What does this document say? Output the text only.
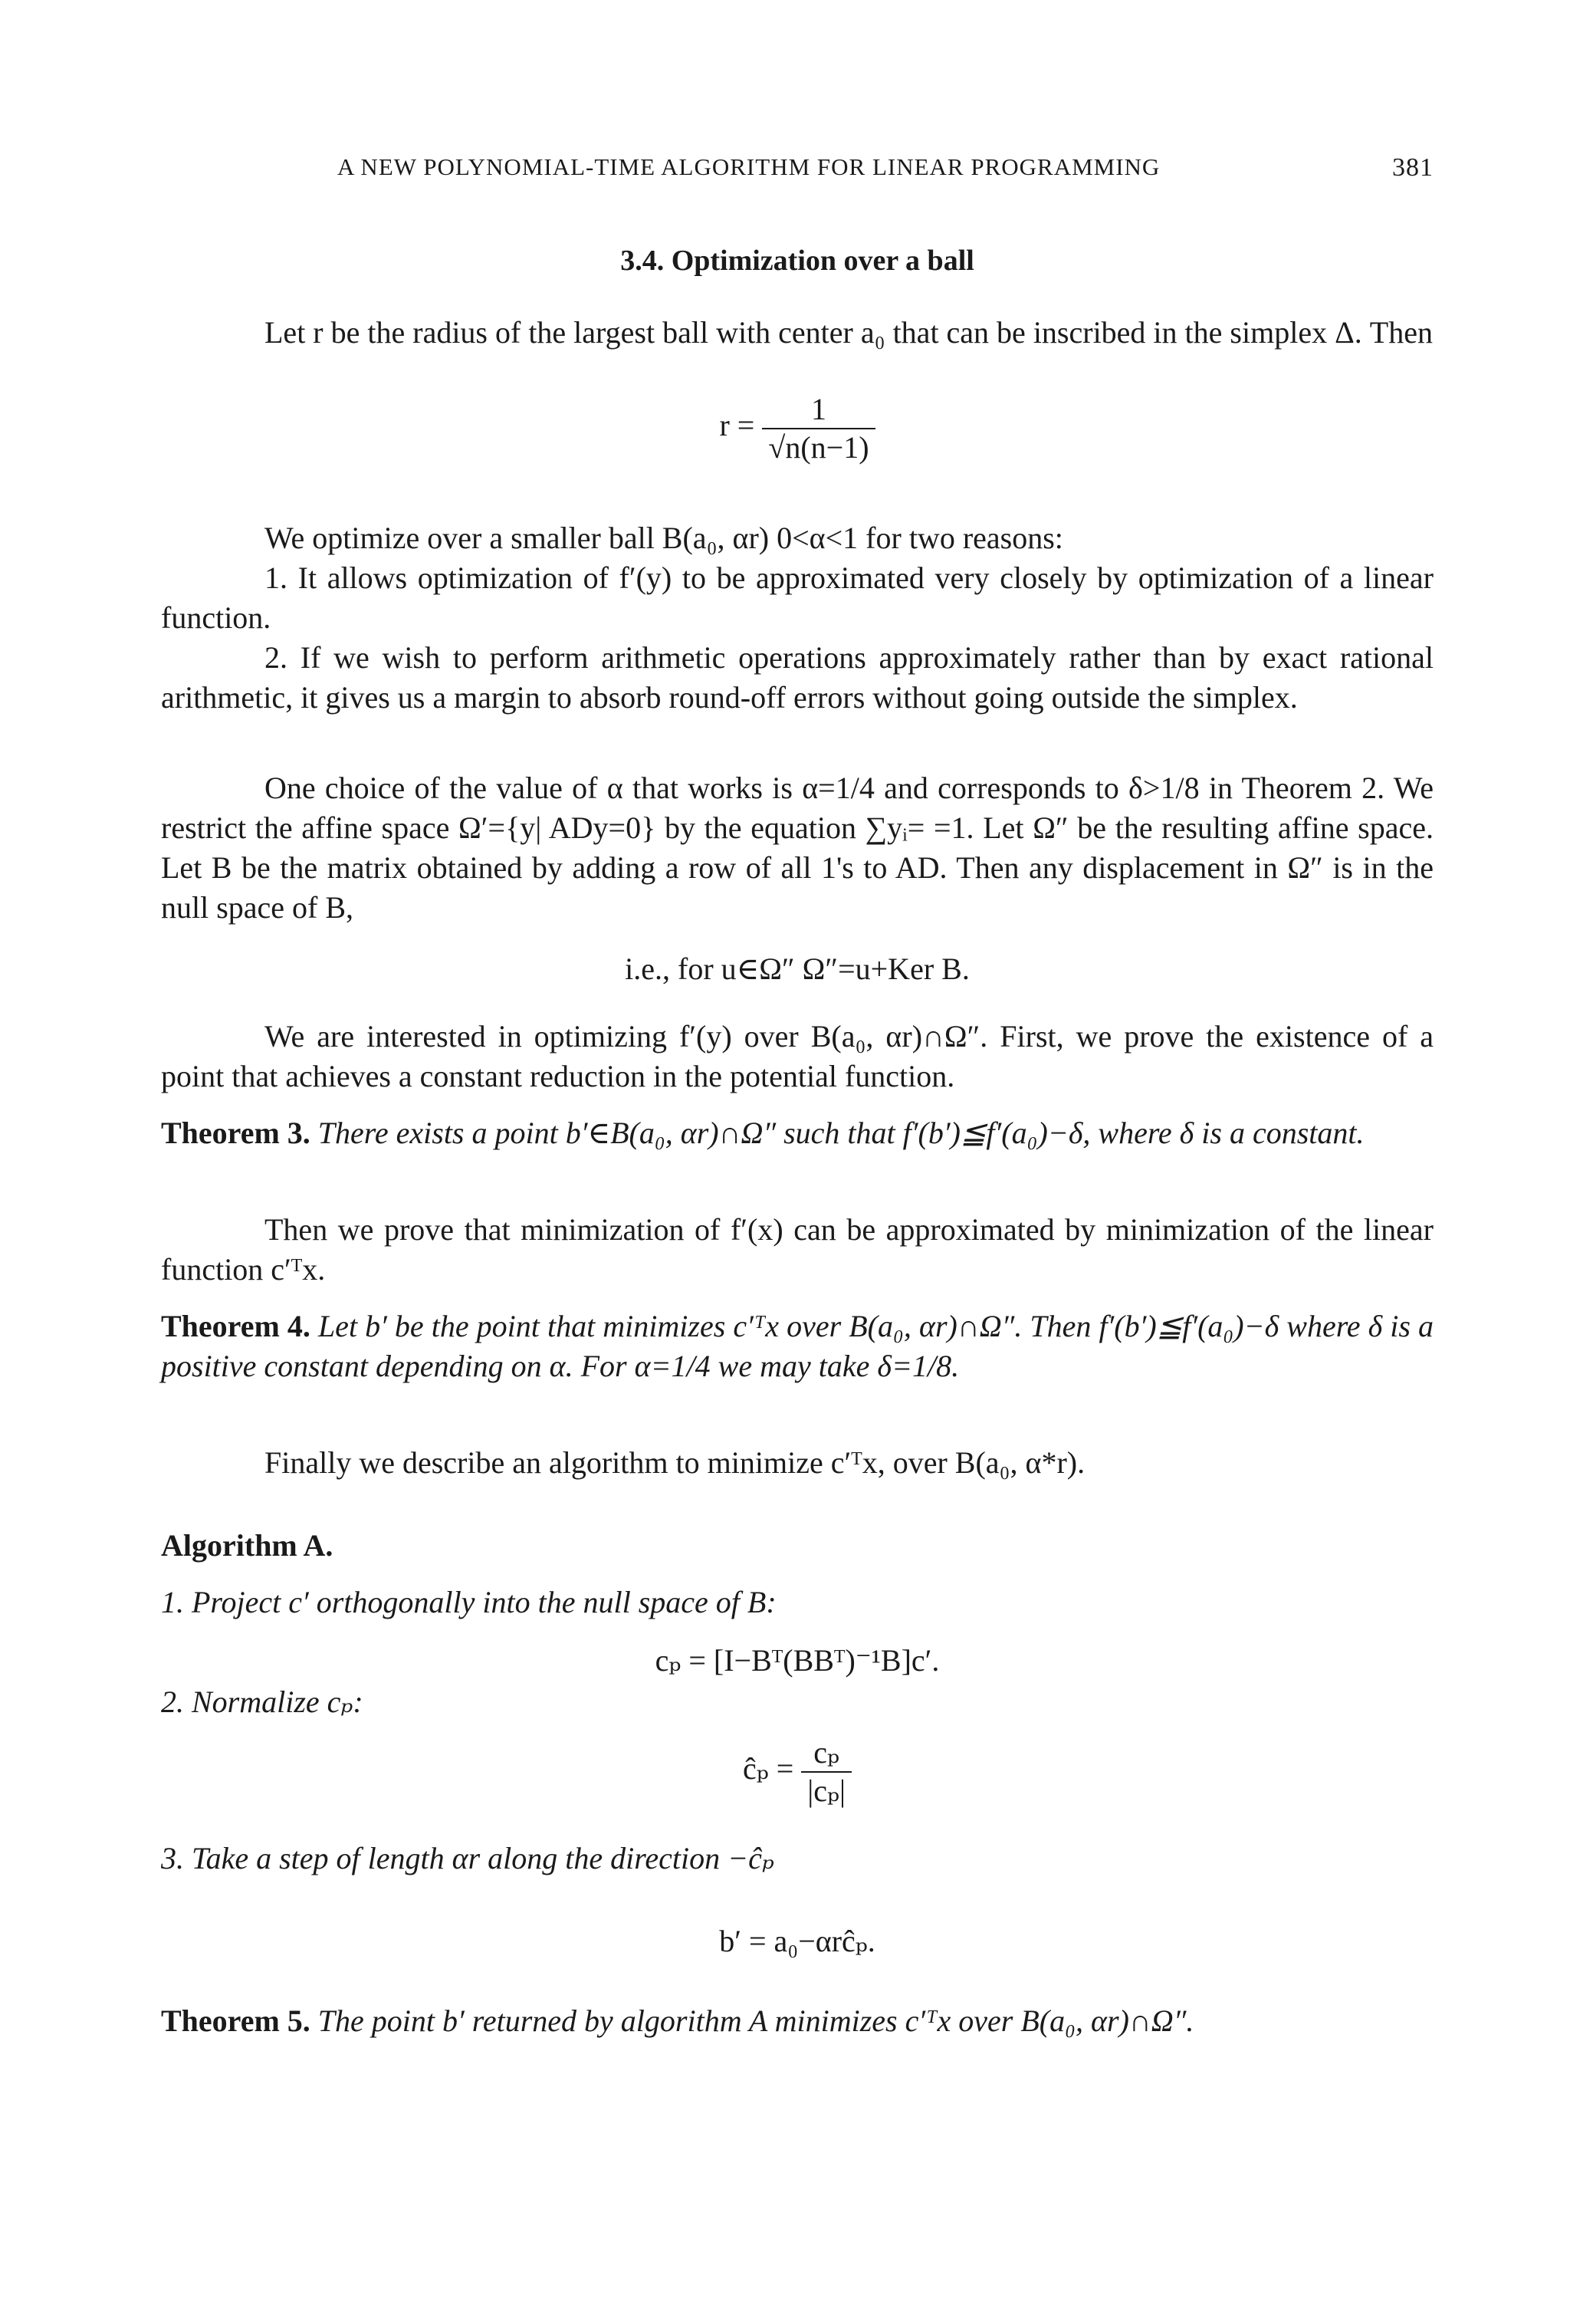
A NEW POLYNOMIAL-TIME ALGORITHM FOR LINEAR PROGRAMMING	381
3.4. Optimization over a ball
Let r be the radius of the largest ball with center a₀ that can be inscribed in the simplex Δ. Then
$r = \frac{1}{√n(n-1)}$
We optimize over a smaller ball B(a₀, αr) 0<α<1 for two reasons:
1. It allows optimization of f′(y) to be approximated very closely by optimization of a linear function.
2. If we wish to perform arithmetic operations approximately rather than by exact rational arithmetic, it gives us a margin to absorb round-off errors without going outside the simplex.
One choice of the value of α that works is α=1/4 and corresponds to δ>1/8 in Theorem 2. We restrict the affine space Ω′={y| ADy=0} by the equation ∑yᵢ= =1. Let Ω″ be the resulting affine space. Let B be the matrix obtained by adding a row of all 1's to AD. Then any displacement in Ω″ is in the null space of B,
i.e., for u∈Ω″ Ω″=u+Ker B.
We are interested in optimizing f′(y) over B(a₀, αr)∩Ω″. First, we prove the existence of a point that achieves a constant reduction in the potential function.
Theorem 3. There exists a point b′∈B(a₀, αr)∩Ω″ such that f′(b′)≦f′(a₀)−δ, where δ is a constant.
Then we prove that minimization of f′(x) can be approximated by minimization of the linear function c′ᵀx.
Theorem 4. Let b′ be the point that minimizes c′ᵀx over B(a₀, αr)∩Ω″. Then f′(b′)≦f′(a₀)−δ where δ is a positive constant depending on α. For α=1/4 we may take δ=1/8.
Finally we describe an algorithm to minimize c′ᵀx, over B(a₀, α*r).
Algorithm A.
1. Project c′ orthogonally into the null space of B:
cₚ = [I−Bᵀ(BBᵀ)⁻¹B]c′.
2. Normalize cₚ:
ĉₚ = $\frac{\text{cₚ}}{\text{|cₚ|}}$
3. Take a step of length αr along the direction −ĉₚ
b′ = a₀−αrĉₚ.
Theorem 5. The point b′ returned by algorithm A minimizes c′ᵀx over B(a₀, αr)∩Ω″.
